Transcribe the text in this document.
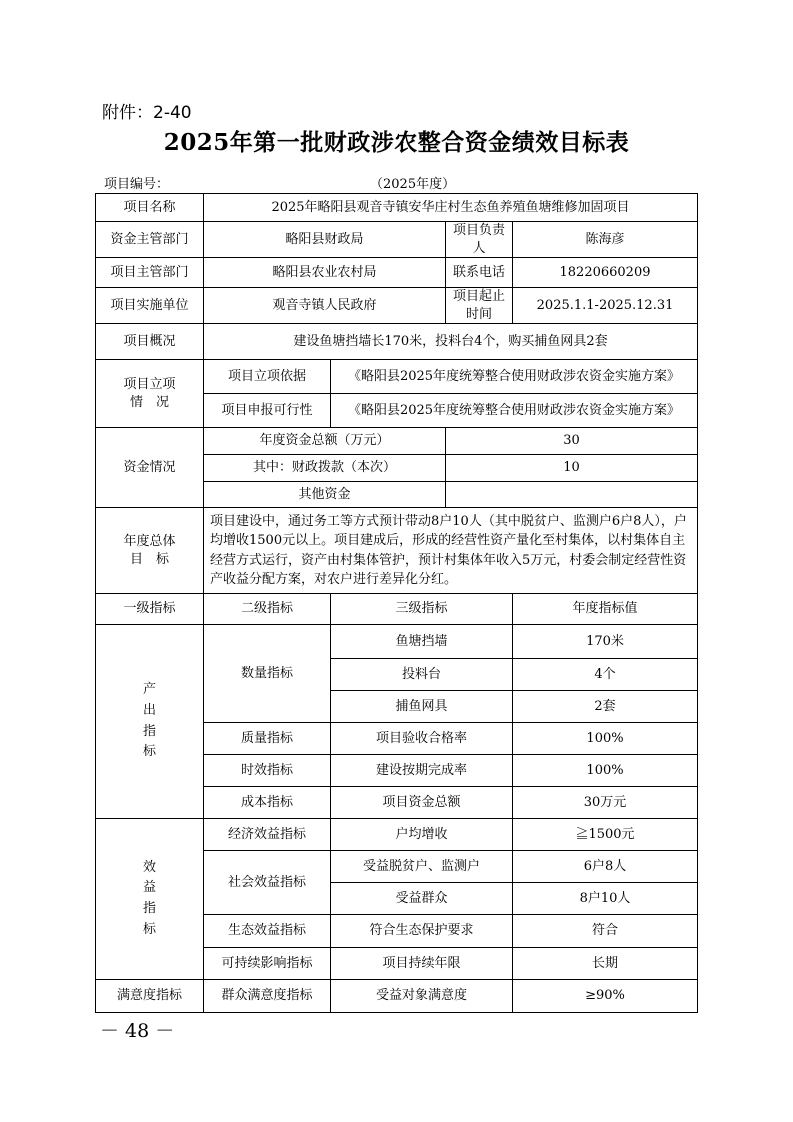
附件：2-40
2025年第一批财政涉农整合资金绩效目标表
项目编号：	（2025年度）
项目名称	2025年略阳县观音寺镇安华庄村生态鱼养殖鱼塘维修加固项目			
资金主管部门	略阳县财政局		项目负责人	陈海彦
项目主管部门	略阳县农业农村局		联系电话	18220660209
项目实施单位	观音寺镇人民政府		项目起止时间	2025.1.1-2025.12.31
项目概况	建设鱼塘挡墙长170米，投料台4个，购买捕鱼网具2套			

项目立项
情　况	项目立项依据	《略阳县2025年度统筹整合使用财政涉农资金实施方案》		
	项目申报可行性	《略阳县2025年度统筹整合使用财政涉农资金实施方案》		
资金情况	年度资金总额（万元）		30	
	其中：财政拨款（本次）		10	
	其他资金			

年度总体
目　标	项目建设中，通过务工等方式预计带动8户10人（其中脱贫户、监测户6户8人），户均增收1500元以上。项目建成后，形成的经营性资产量化至村集体，以村集体自主经营方式运行，资产由村集体管护，预计村集体年收入5万元，村委会制定经营性资产收益分配方案，对农户进行差异化分红。			
一级指标	二级指标	三级指标		年度指标值

产
出
指
标	数量指标	鱼塘挡墙		170米
		投料台		4个
		捕鱼网具		2套
	质量指标	项目验收合格率		100%
	时效指标	建设按期完成率		100%
	成本指标	项目资金总额		30万元

效
益
指
标	经济效益指标	户均增收		≧1500元
	社会效益指标	受益脱贫户、监测户		6户8人
		受益群众		8户10人
	生态效益指标	符合生态保护要求		符合
	可持续影响指标	项目持续年限		长期
满意度指标	群众满意度指标	受益对象满意度		≥90%
－ 48 －
